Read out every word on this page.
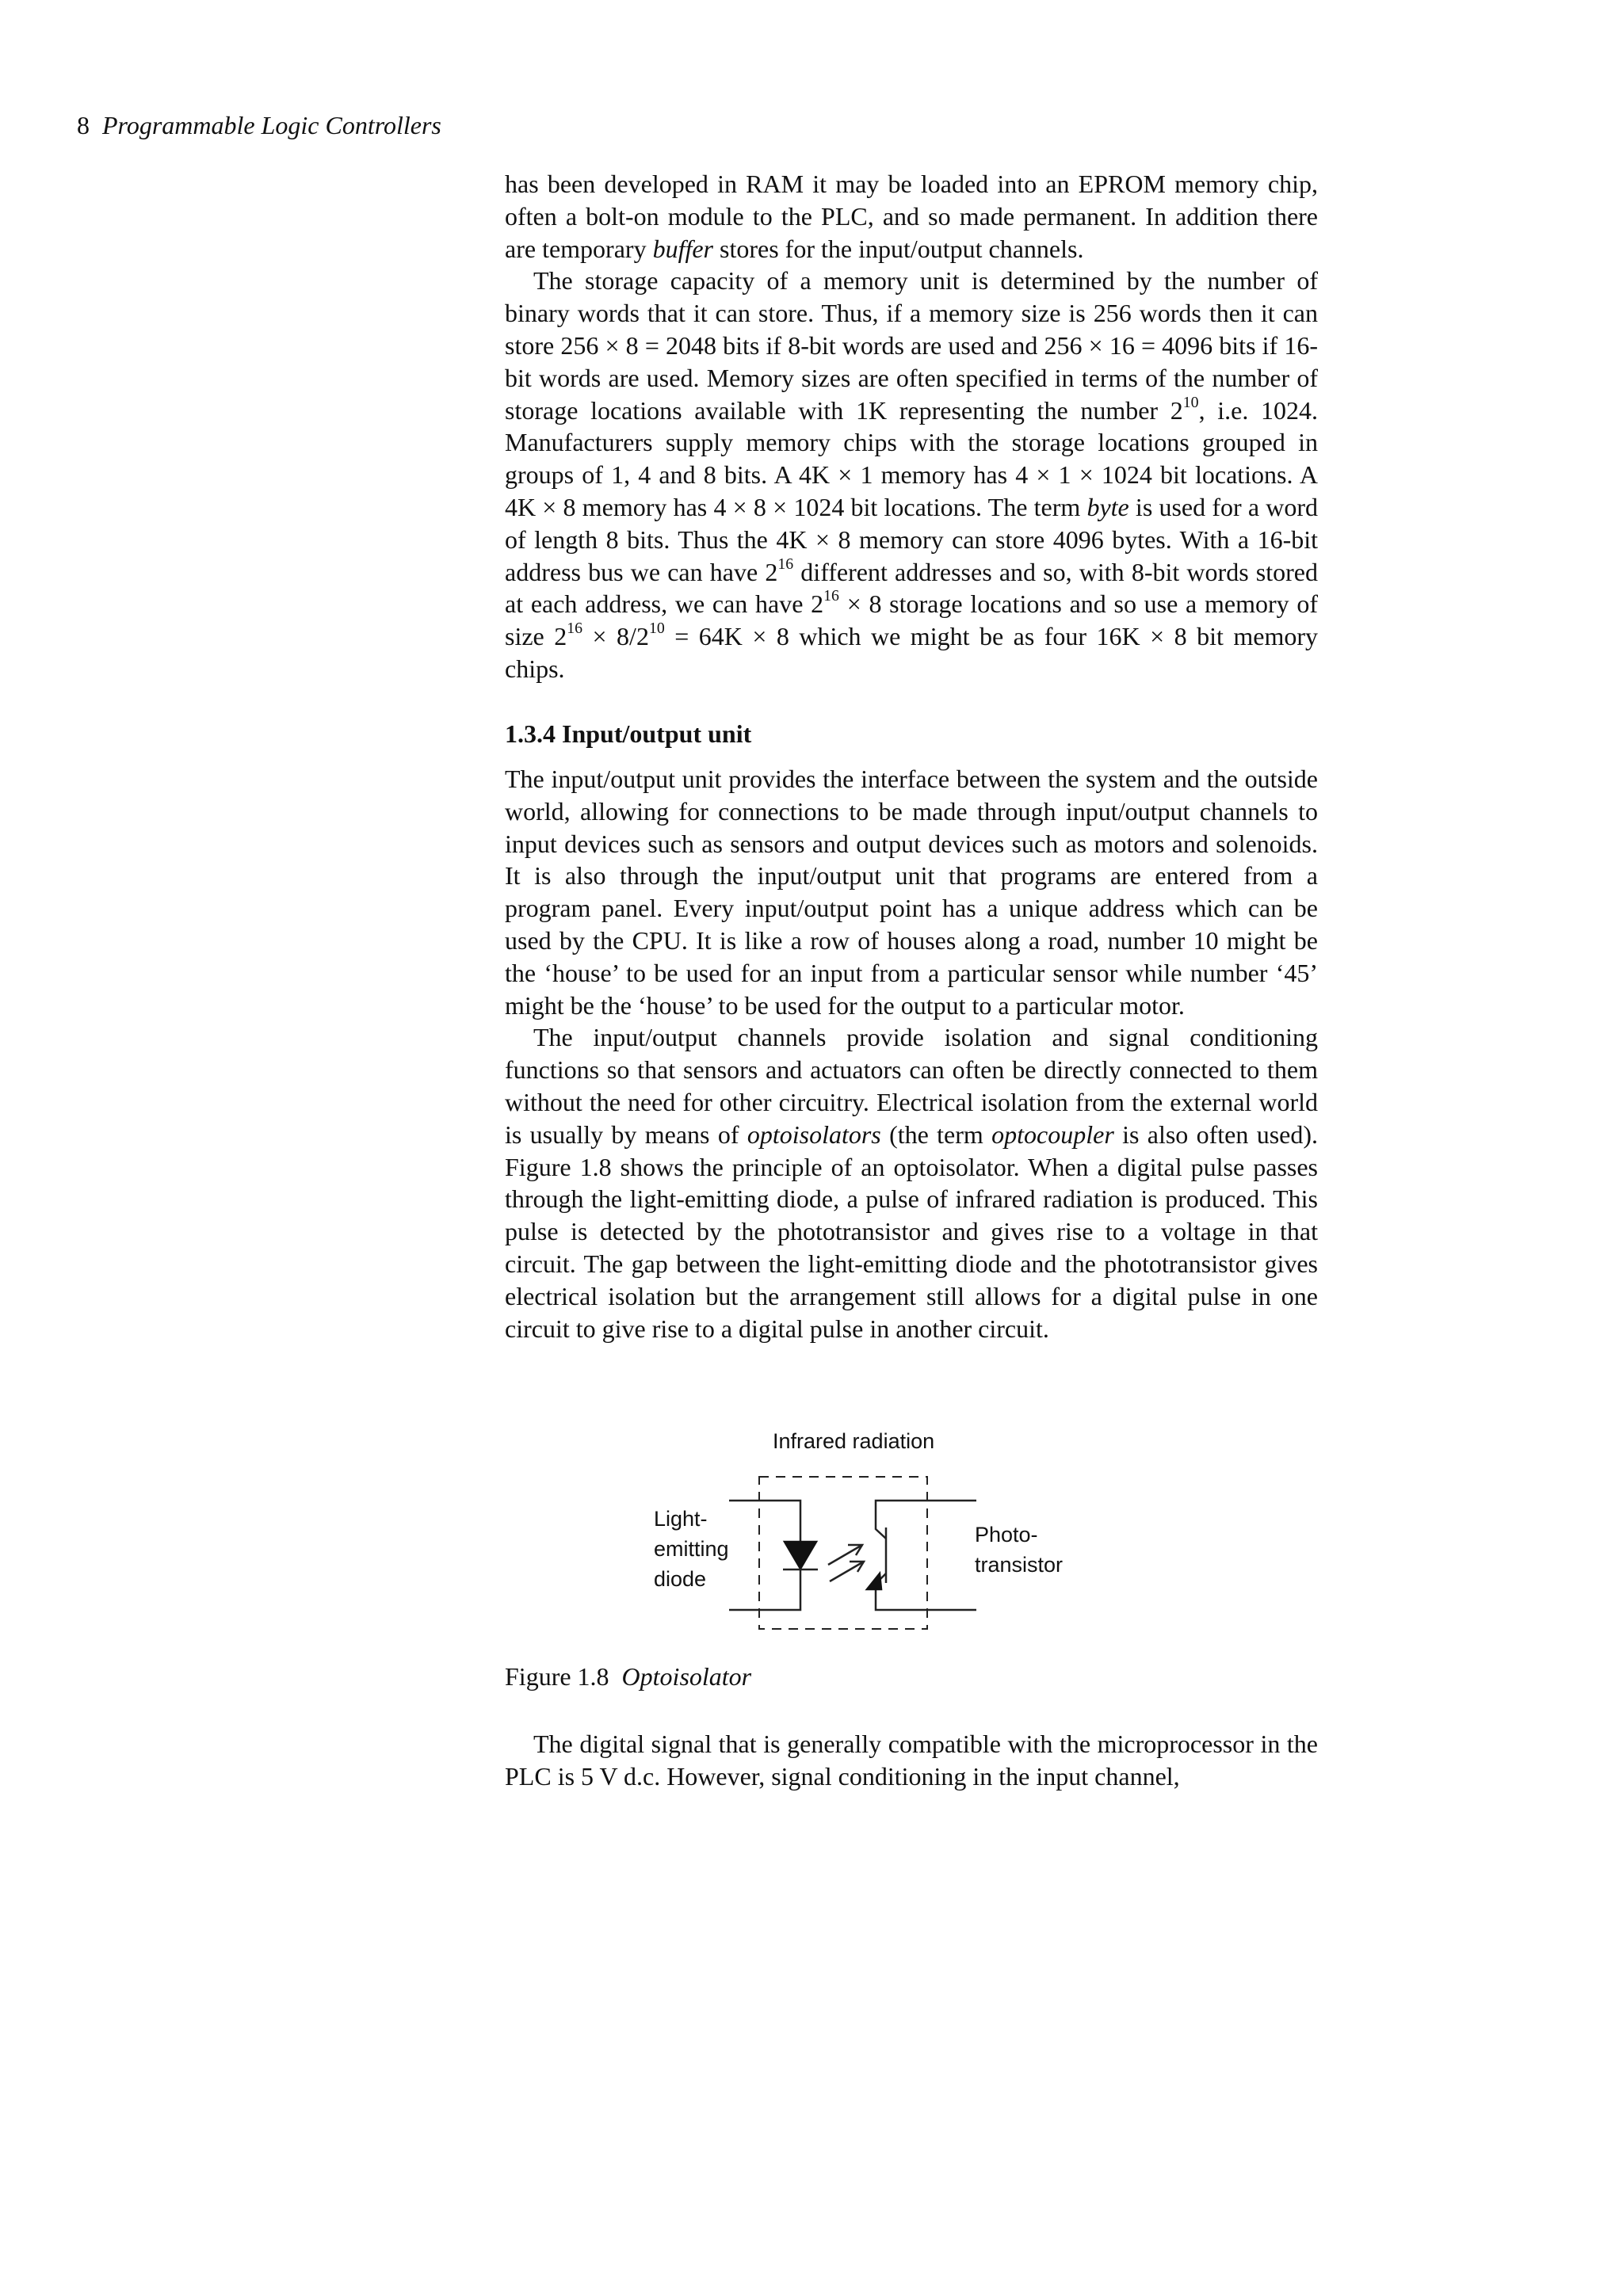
8 Programmable Logic Controllers

has been developed in RAM it may be loaded into an EPROM memory chip, often a bolt-on module to the PLC, and so made permanent. In addition there are temporary buffer stores for the input/output channels.

The storage capacity of a memory unit is determined by the number of binary words that it can store. Thus, if a memory size is 256 words then it can store 256 × 8 = 2048 bits if 8-bit words are used and 256 × 16 = 4096 bits if 16-bit words are used. Memory sizes are often specified in terms of the number of storage locations available with 1K representing the number $2^{10}$, i.e. 1024. Manufacturers supply memory chips with the storage locations grouped in groups of 1, 4 and 8 bits. A 4K × 1 memory has 4 × 1 × 1024 bit locations. A 4K × 8 memory has 4 × 8 × 1024 bit locations. The term byte is used for a word of length 8 bits. Thus the 4K × 8 memory can store 4096 bytes. With a 16-bit address bus we can have $2^{16}$ different addresses and so, with 8-bit words stored at each address, we can have $2^{16} \times 8$ storage locations and so use a memory of size $2^{16} \times 8/2^{10} = 64K \times 8$ which we might be as four 16K × 8 bit memory chips.

1.3.4 Input/output unit

The input/output unit provides the interface between the system and the outside world, allowing for connections to be made through input/output channels to input devices such as sensors and output devices such as motors and solenoids. It is also through the input/output unit that programs are entered from a program panel. Every input/output point has a unique address which can be used by the CPU. It is like a row of houses along a road, number 10 might be the ‘house’ to be used for an input from a particular sensor while number ‘45’ might be the ‘house’ to be used for the output to a particular motor.

The input/output channels provide isolation and signal conditioning functions so that sensors and actuators can often be directly connected to them without the need for other circuitry. Electrical isolation from the external world is usually by means of optoisolators (the term optocoupler is also often used). Figure 1.8 shows the principle of an optoisolator. When a digital pulse passes through the light-emitting diode, a pulse of infrared radiation is produced. This pulse is detected by the phototransistor and gives rise to a voltage in that circuit. The gap between the light-emitting diode and the phototransistor gives electrical isolation but the arrangement still allows for a digital pulse in one circuit to give rise to a digital pulse in another circuit.

Infrared radiation
Light-
emitting
diode
Photo-
transistor
Figure 1.8 Optoisolator

The digital signal that is generally compatible with the microprocessor in the PLC is 5 V d.c. However, signal conditioning in the input channel,
